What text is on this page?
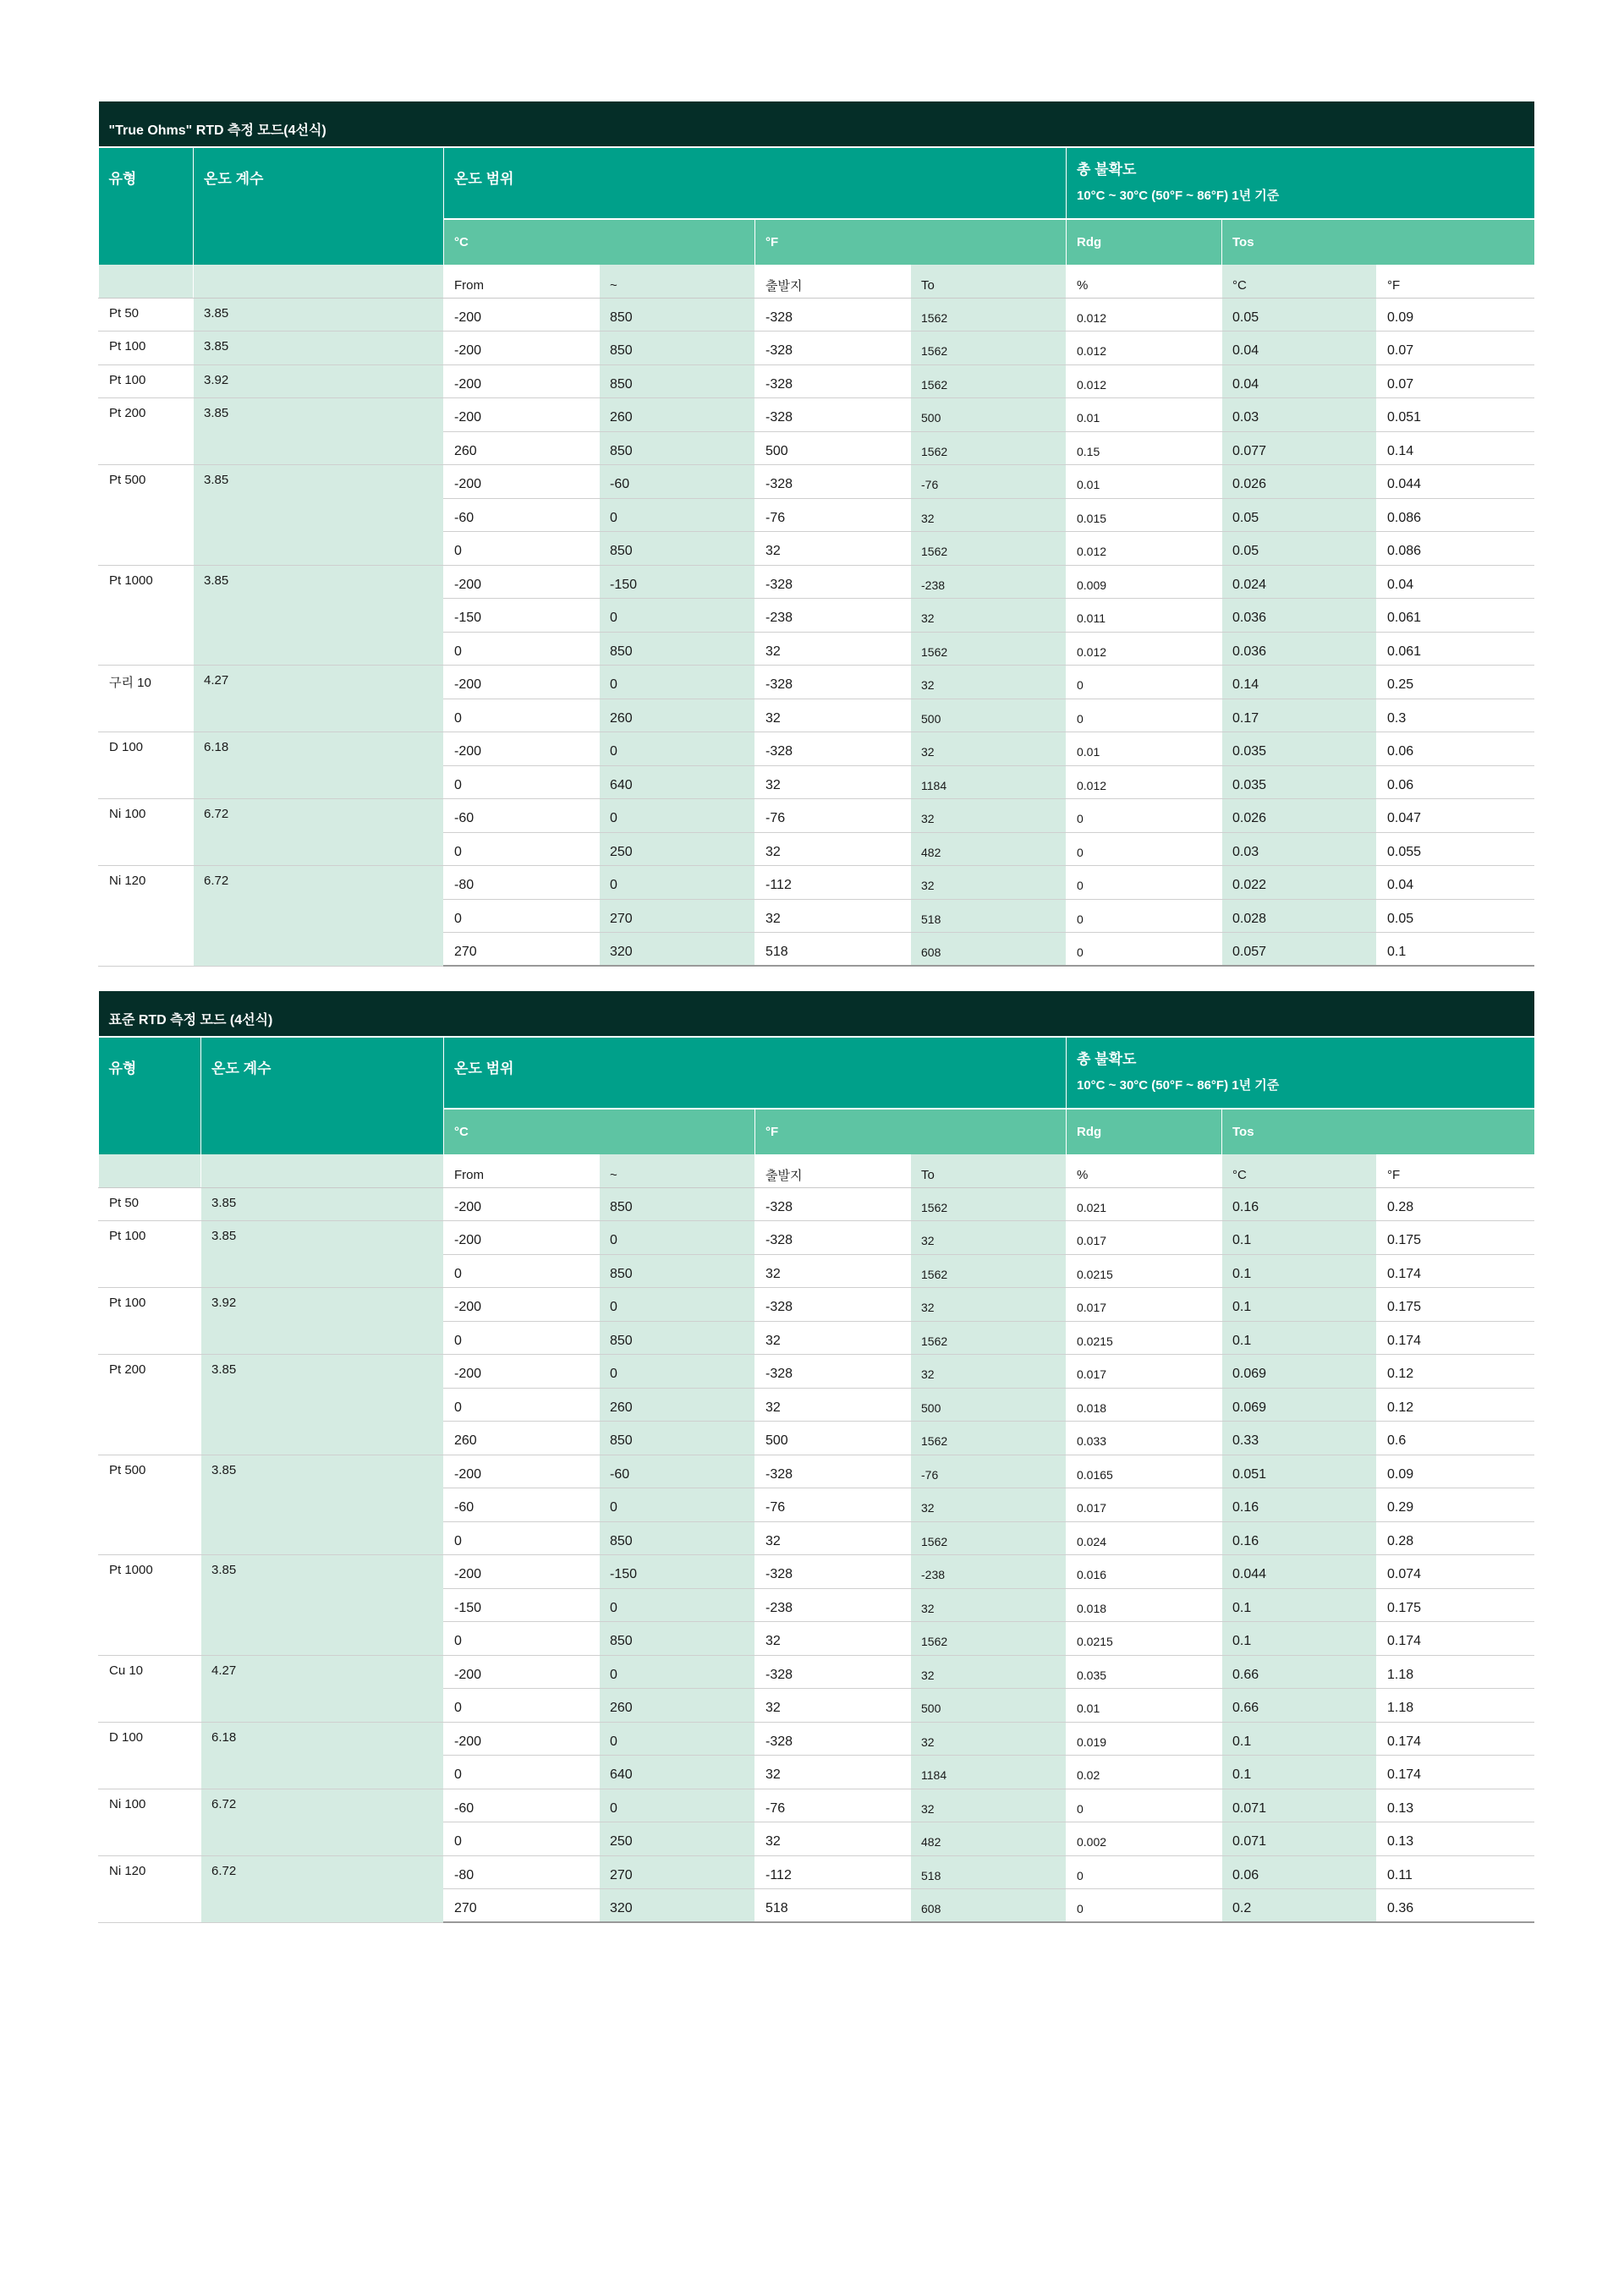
"True Ohms" RTD 측정 모드(4선식)								
유형	온도 계수	온도 범위				총 불확도
10°C ~ 30°C (50°F ~ 86°F) 1년 기준		

		°C		°F		Rdg	Tos	
		From	~	출발지	To	%	°C	°F
Pt 50	3.85	-200	850	-328	1562	0.012	0.05	0.09
Pt 100	3.85	-200	850	-328	1562	0.012	0.04	0.07
Pt 100	3.92	-200	850	-328	1562	0.012	0.04	0.07
Pt 200	3.85	-200	260	-328	500	0.01	0.03	0.051
		260	850	500	1562	0.15	0.077	0.14
Pt 500	3.85	-200	-60	-328	-76	0.01	0.026	0.044
		-60	0	-76	32	0.015	0.05	0.086
		0	850	32	1562	0.012	0.05	0.086
Pt 1000	3.85	-200	-150	-328	-238	0.009	0.024	0.04
		-150	0	-238	32	0.011	0.036	0.061
		0	850	32	1562	0.012	0.036	0.061
구리 10	4.27	-200	0	-328	32	0	0.14	0.25
		0	260	32	500	0	0.17	0.3
D 100	6.18	-200	0	-328	32	0.01	0.035	0.06
		0	640	32	1184	0.012	0.035	0.06
Ni 100	6.72	-60	0	-76	32	0	0.026	0.047
		0	250	32	482	0	0.03	0.055
Ni 120	6.72	-80	0	-112	32	0	0.022	0.04
		0	270	32	518	0	0.028	0.05
		270	320	518	608	0	0.057	0.1
표준 RTD 측정 모드 (4선식)								
유형	온도 계수	온도 범위				총 불확도
10°C ~ 30°C (50°F ~ 86°F) 1년 기준		

		°C		°F		Rdg	Tos	
		From	~	출발지	To	%	°C	°F
Pt 50	3.85	-200	850	-328	1562	0.021	0.16	0.28
Pt 100	3.85	-200	0	-328	32	0.017	0.1	0.175
		0	850	32	1562	0.0215	0.1	0.174
Pt 100	3.92	-200	0	-328	32	0.017	0.1	0.175
		0	850	32	1562	0.0215	0.1	0.174
Pt 200	3.85	-200	0	-328	32	0.017	0.069	0.12
		0	260	32	500	0.018	0.069	0.12
		260	850	500	1562	0.033	0.33	0.6
Pt 500	3.85	-200	-60	-328	-76	0.0165	0.051	0.09
		-60	0	-76	32	0.017	0.16	0.29
		0	850	32	1562	0.024	0.16	0.28
Pt 1000	3.85	-200	-150	-328	-238	0.016	0.044	0.074
		-150	0	-238	32	0.018	0.1	0.175
		0	850	32	1562	0.0215	0.1	0.174
Cu 10	4.27	-200	0	-328	32	0.035	0.66	1.18
		0	260	32	500	0.01	0.66	1.18
D 100	6.18	-200	0	-328	32	0.019	0.1	0.174
		0	640	32	1184	0.02	0.1	0.174
Ni 100	6.72	-60	0	-76	32	0	0.071	0.13
		0	250	32	482	0.002	0.071	0.13
Ni 120	6.72	-80	270	-112	518	0	0.06	0.11
		270	320	518	608	0	0.2	0.36
